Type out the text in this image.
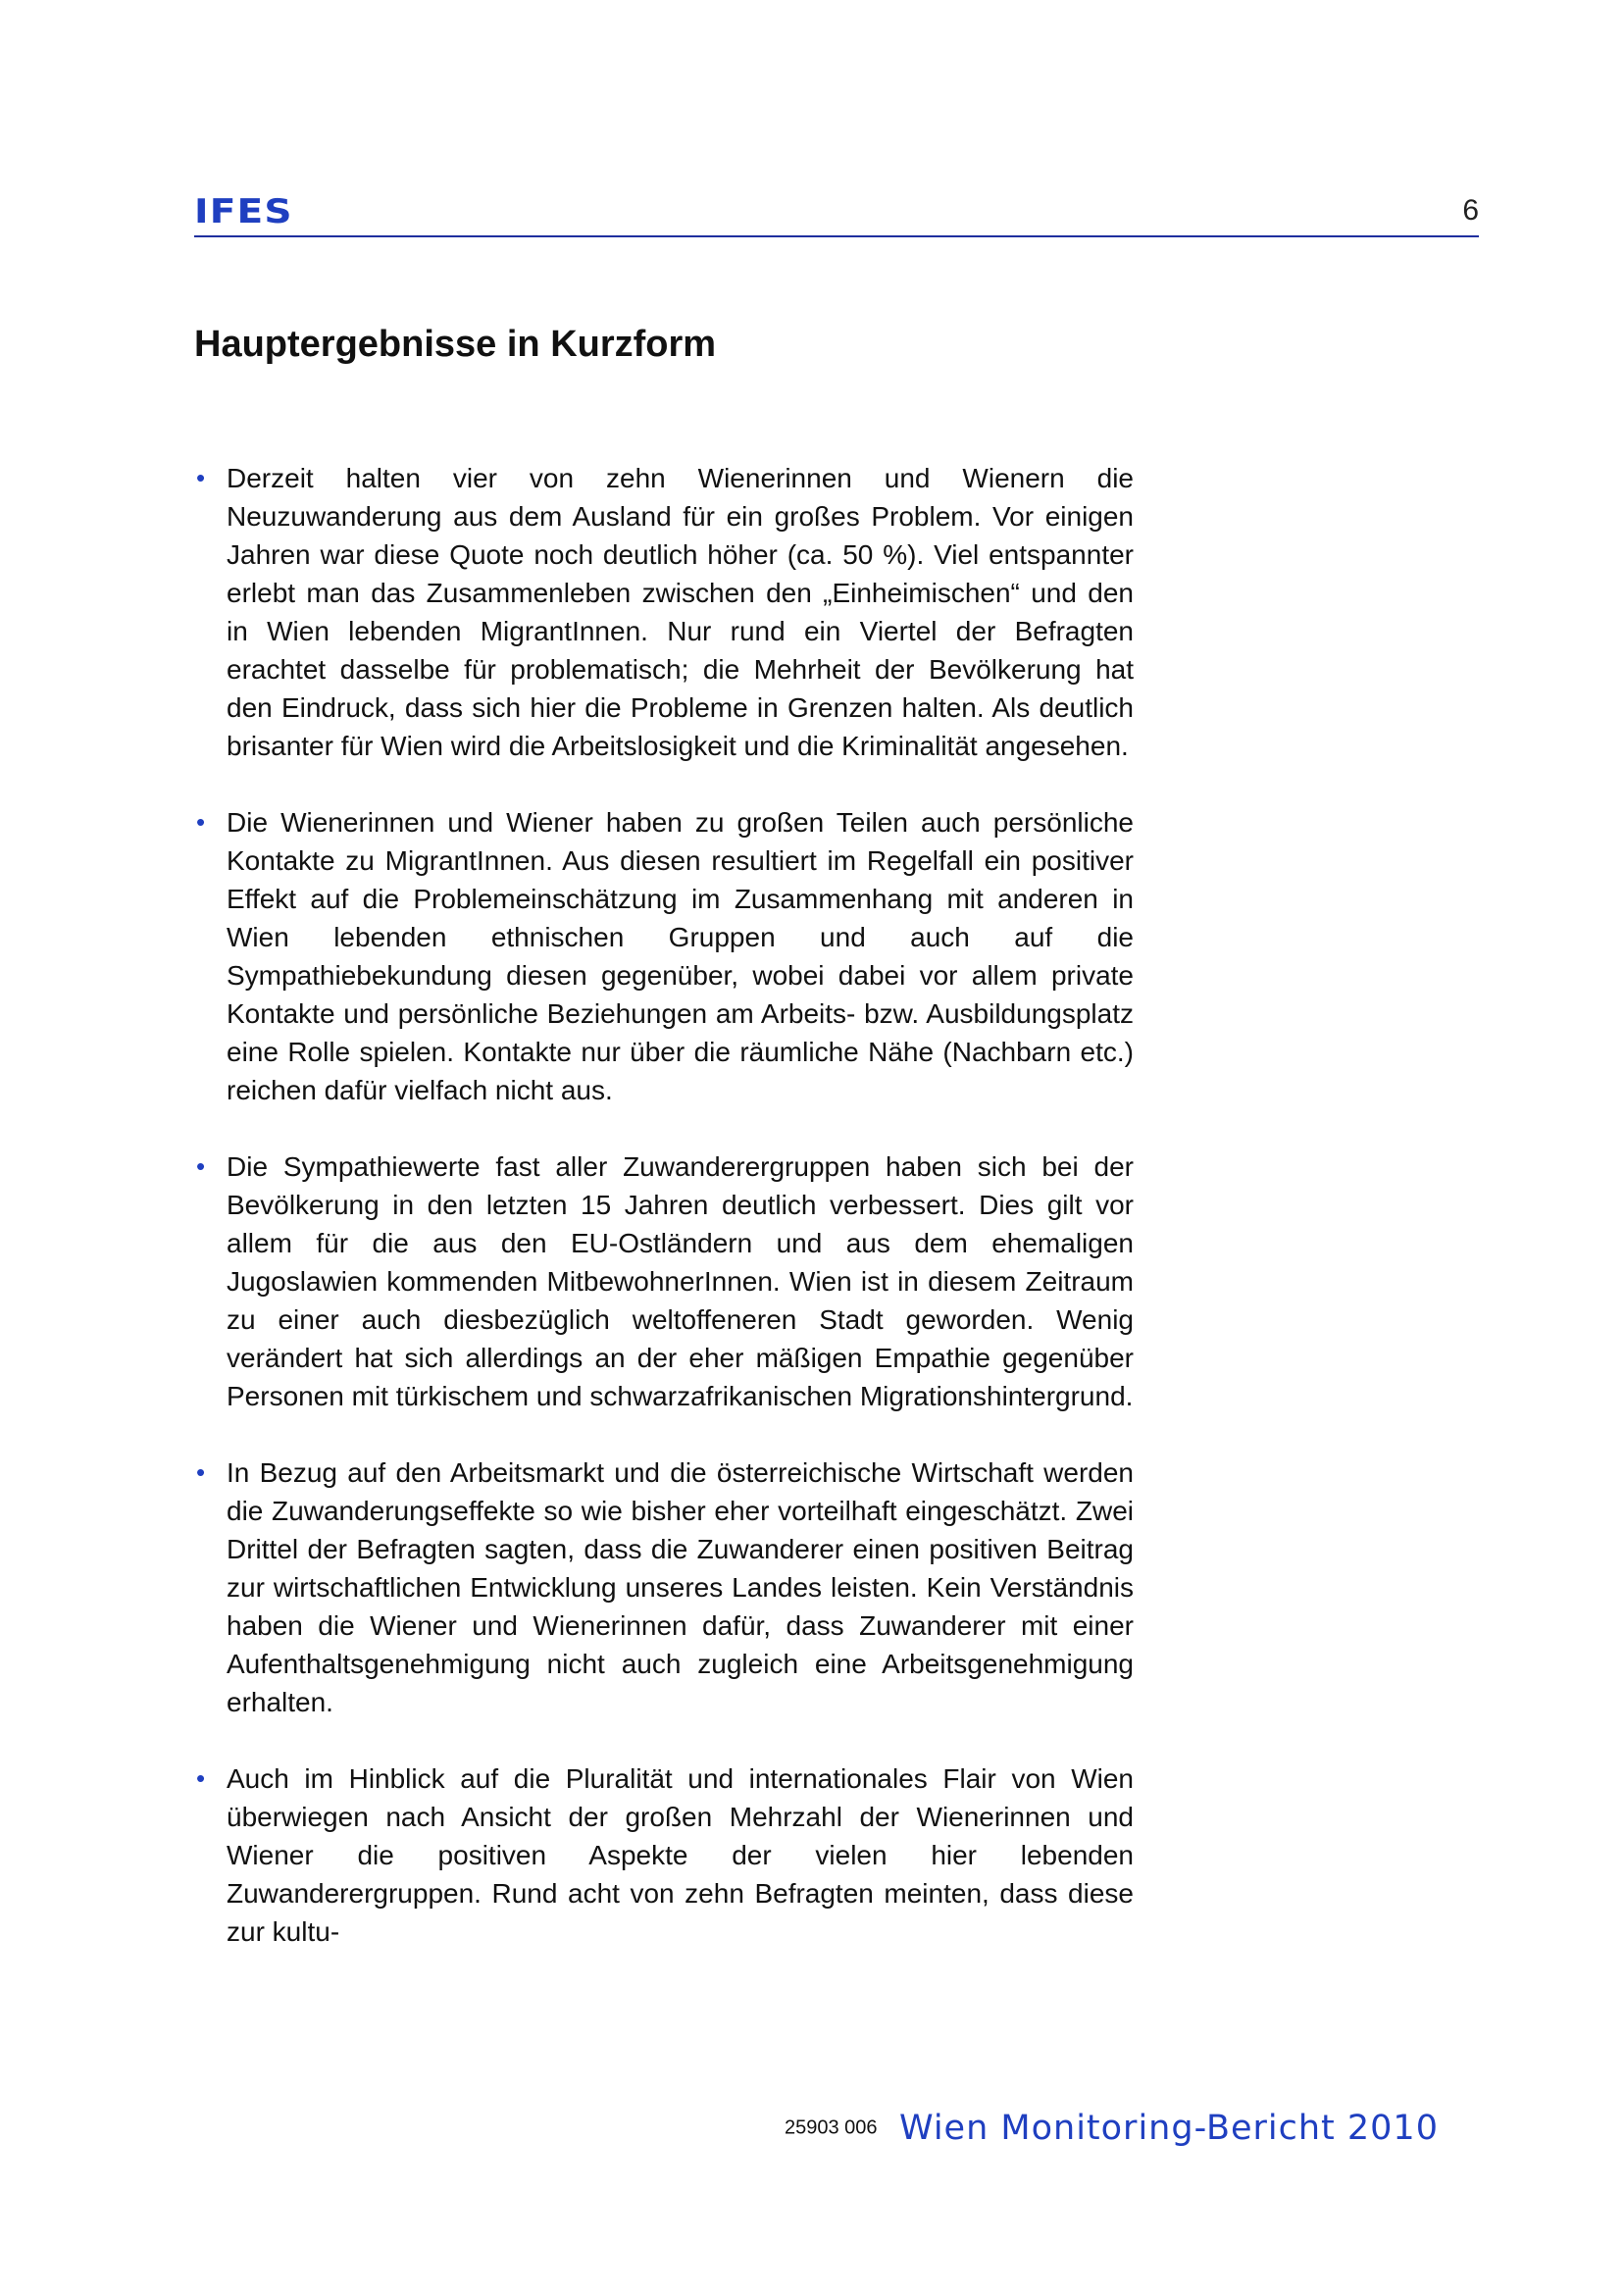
IFES	6
Hauptergebnisse in Kurzform
• Derzeit halten vier von zehn Wienerinnen und Wienern die Neuzuwanderung aus dem Ausland für ein großes Problem. Vor einigen Jahren war diese Quote noch deutlich höher (ca. 50 %). Viel entspannter erlebt man das Zusammenleben zwischen den „Einheimischen“ und den in Wien lebenden MigrantInnen. Nur rund ein Viertel der Befragten erachtet dasselbe für problematisch; die Mehrheit der Bevölkerung hat den Eindruck, dass sich hier die Probleme in Grenzen halten. Als deutlich brisanter für Wien wird die Arbeitslosigkeit und die Kriminalität angesehen.
• Die Wienerinnen und Wiener haben zu großen Teilen auch persönliche Kontakte zu MigrantInnen. Aus diesen resultiert im Regelfall ein positiver Effekt auf die Problemeinschätzung im Zusammenhang mit anderen in Wien lebenden ethnischen Gruppen und auch auf die Sympathiebekundung diesen gegenüber, wobei dabei vor allem private Kontakte und persönliche Beziehungen am Arbeits- bzw. Ausbildungsplatz eine Rolle spielen. Kontakte nur über die räumliche Nähe (Nachbarn etc.) reichen dafür vielfach nicht aus.
• Die Sympathiewerte fast aller Zuwanderergruppen haben sich bei der Bevölkerung in den letzten 15 Jahren deutlich verbessert. Dies gilt vor allem für die aus den EU-Ostländern und aus dem ehemaligen Jugoslawien kommenden MitbewohnerInnen. Wien ist in diesem Zeitraum zu einer auch diesbezüglich weltoffeneren Stadt geworden. Wenig verändert hat sich allerdings an der eher mäßigen Empathie gegenüber Personen mit türkischem und schwarzafrikanischen Migrationshintergrund.
• In Bezug auf den Arbeitsmarkt und die österreichische Wirtschaft werden die Zuwanderungseffekte so wie bisher eher vorteilhaft eingeschätzt. Zwei Drittel der Befragten sagten, dass die Zuwanderer einen positiven Beitrag zur wirtschaftlichen Entwicklung unseres Landes leisten. Kein Verständnis haben die Wiener und Wienerinnen dafür, dass Zuwanderer mit einer Aufenthaltsgenehmigung nicht auch zugleich eine Arbeitsgenehmigung erhalten.
• Auch im Hinblick auf die Pluralität und internationales Flair von Wien überwiegen nach Ansicht der großen Mehrzahl der Wienerinnen und Wiener die positiven Aspekte der vielen hier lebenden Zuwanderergruppen. Rund acht von zehn Befragten meinten, dass diese zur kultu-
25903 006 Wien Monitoring-Bericht 2010
